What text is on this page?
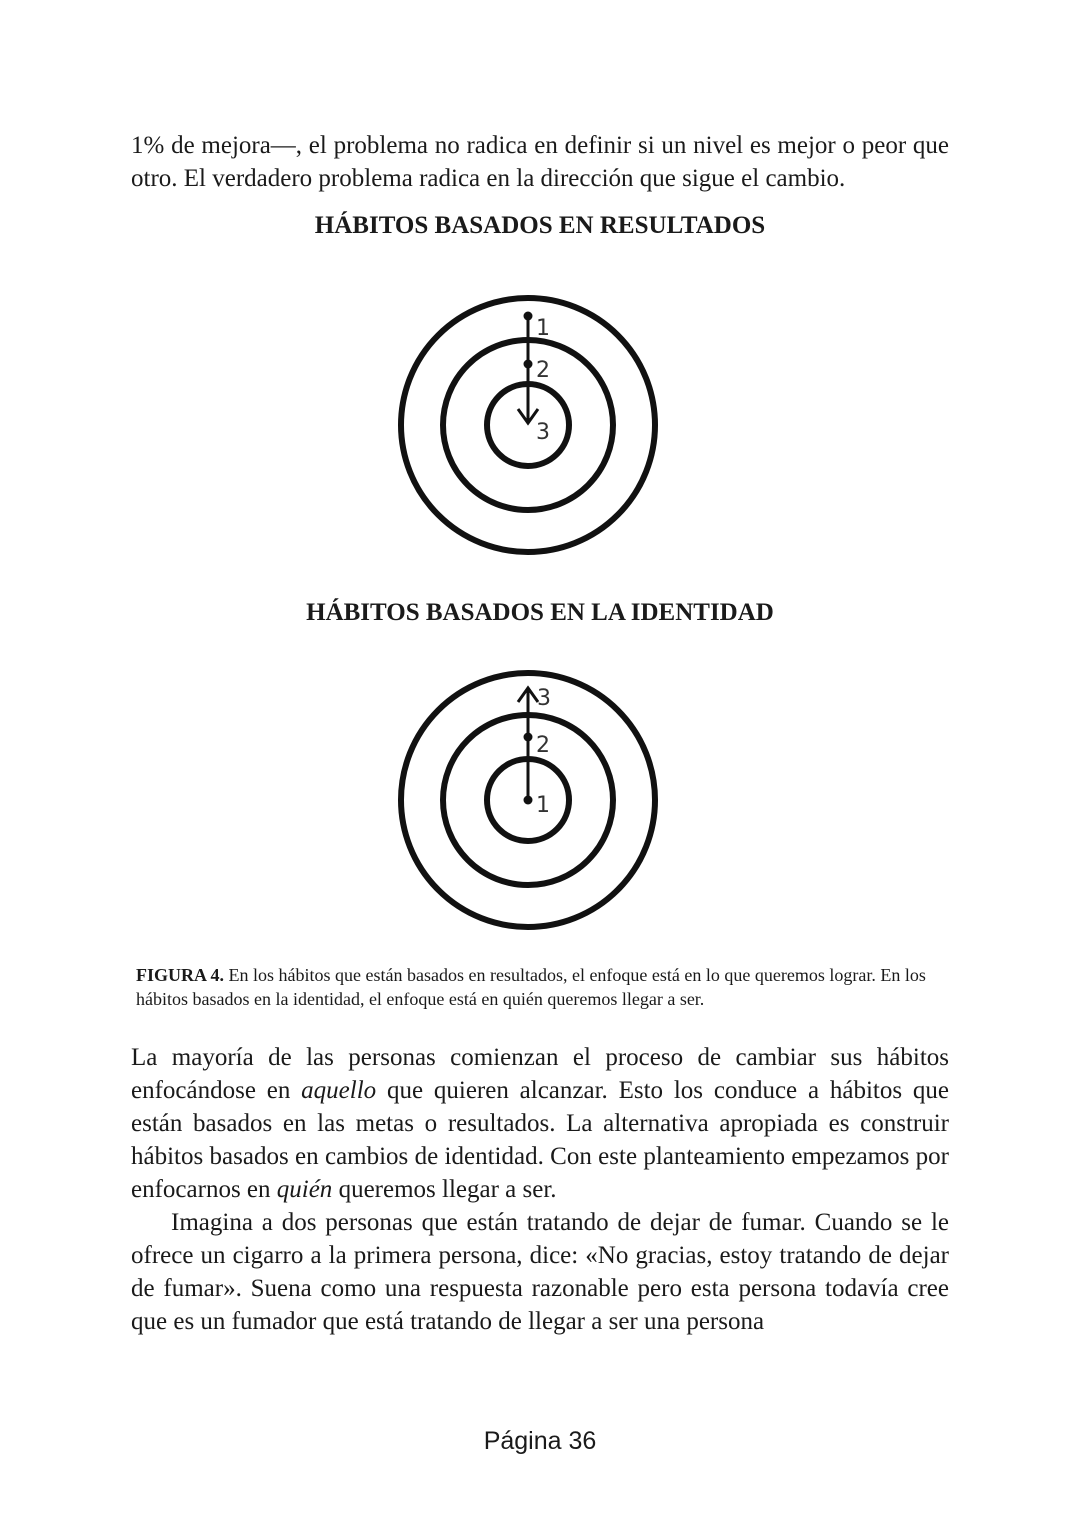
1% de mejora—, el problema no radica en definir si un nivel es mejor o peor que otro. El verdadero problema radica en la dirección que sigue el cambio.

HÁBITOS BASADOS EN RESULTADOS
1
2
3
HÁBITOS BASADOS EN LA IDENTIDAD
3
2
1

FIGURA 4. En los hábitos que están basados en resultados, el enfoque está en lo que queremos lograr. En los hábitos basados en la identidad, el enfoque está en quién queremos llegar a ser.

La mayoría de las personas comienzan el proceso de cambiar sus hábitos enfocándose en aquello que quieren alcanzar. Esto los conduce a hábitos que están basados en las metas o resultados. La alternativa apropiada es construir hábitos basados en cambios de identidad. Con este planteamiento empezamos por enfocarnos en quién queremos llegar a ser.

Imagina a dos personas que están tratando de dejar de fumar. Cuando se le ofrece un cigarro a la primera persona, dice: «No gracias, estoy tratando de dejar de fumar». Suena como una respuesta razonable pero esta persona todavía cree que es un fumador que está tratando de llegar a ser una persona

Página 36
